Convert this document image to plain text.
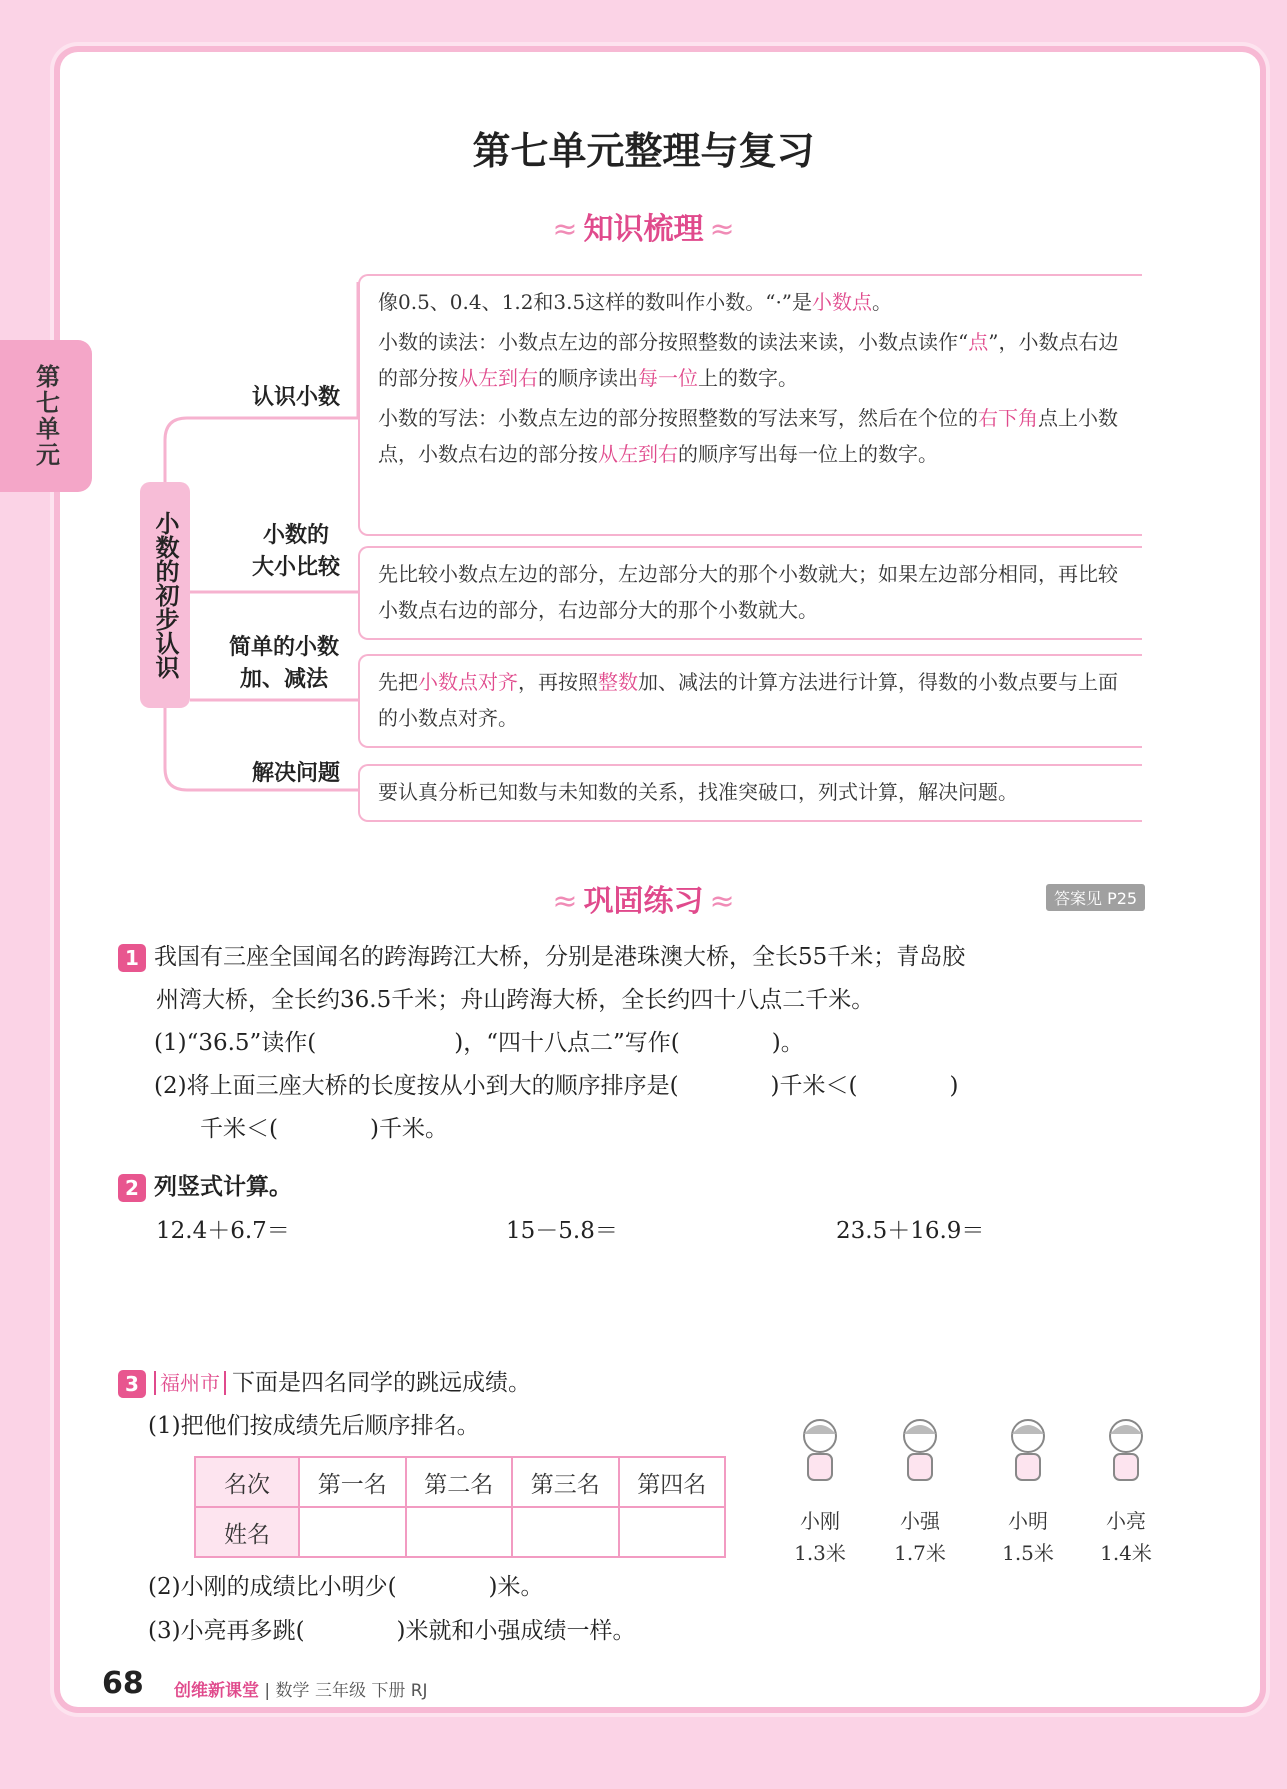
第七单元
第七单元整理与复习
≈ 知识梳理 ≈
小数的初步认识
认识小数
小数的
大小比较
简单的小数
加、减法
解决问题

像0.5、0.4、1.2和3.5这样的数叫作小数。“·”是小数点。

小数的读法：小数点左边的部分按照整数的读法来读，小数点读作“点”，小数点右边的部分按从左到右的顺序读出每一位上的数字。

小数的写法：小数点左边的部分按照整数的写法来写，然后在个位的右下角点上小数点，小数点右边的部分按从左到右的顺序写出每一位上的数字。

先比较小数点左边的部分，左边部分大的那个小数就大；如果左边部分相同，再比较小数点右边的部分，右边部分大的那个小数就大。
先把小数点对齐，再按照整数加、减法的计算方法进行计算，得数的小数点要与上面的小数点对齐。
要认真分析已知数与未知数的关系，找准突破口，列式计算，解决问题。
≈ 巩固练习 ≈	答案见 P25
1 我国有三座全国闻名的跨海跨江大桥，分别是港珠澳大桥，全长55千米；青岛胶
州湾大桥，全长约36.5千米；舟山跨海大桥，全长约四十八点二千米。
(1)“36.5”读作(　　　　　　)，“四十八点二”写作(　　　　)。
(2)将上面三座大桥的长度按从小到大的顺序排序是(　　　　)千米＜(　　　　)
千米＜(　　　　)千米。
2 列竖式计算。
12.4＋6.7＝	15－5.8＝	23.5＋16.9＝
3 福州市 下面是四名同学的跳远成绩。
(1)把他们按成绩先后顺序排名。
名次	第一名	第二名	第三名	第四名
姓名				
(2)小刚的成绩比小明少(　　　　)米。
(3)小亮再多跳(　　　　)米就和小强成绩一样。
小刚
1.3米
小强
1.7米
小明
1.5米
小亮
1.4米
68 创维新课堂 | 数学 三年级 下册 RJ
